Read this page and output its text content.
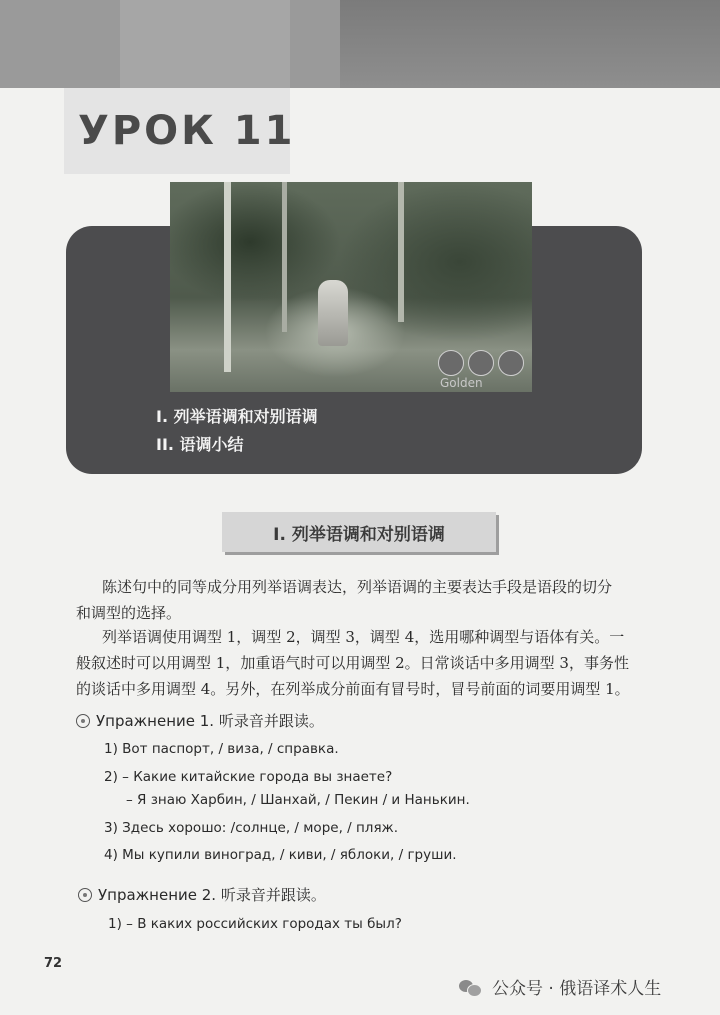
УРОК 11
Golden

I. 列举语调和对别语调

II. 语调小结

I. 列举语调和对别语调

陈述句中的同等成分用列举语调表达，列举语调的主要表达手段是语段的切分

和调型的选择。

列举语调使用调型 1，调型 2，调型 3，调型 4，选用哪种调型与语体有关。一

般叙述时可以用调型 1，加重语气时可以用调型 2。日常谈话中多用调型 3，事务性

的谈话中多用调型 4。另外，在列举成分前面有冒号时，冒号前面的词要用调型 1。

Упражнение 1. 听录音并跟读。

1) Вот паспорт, / виза, / справка.

2) – Какие китайские города вы знаете?

– Я знаю Харбин, / Шанхай, / Пекин / и Нанькин.

3) Здесь хорошо: /солнце, / море, / пляж.

4) Мы купили виноград, / киви, / яблоки, / груши.

Упражнение 2. 听录音并跟读。

1) – В каких российских городах ты был?

72

公众号 · 俄语译术人生
